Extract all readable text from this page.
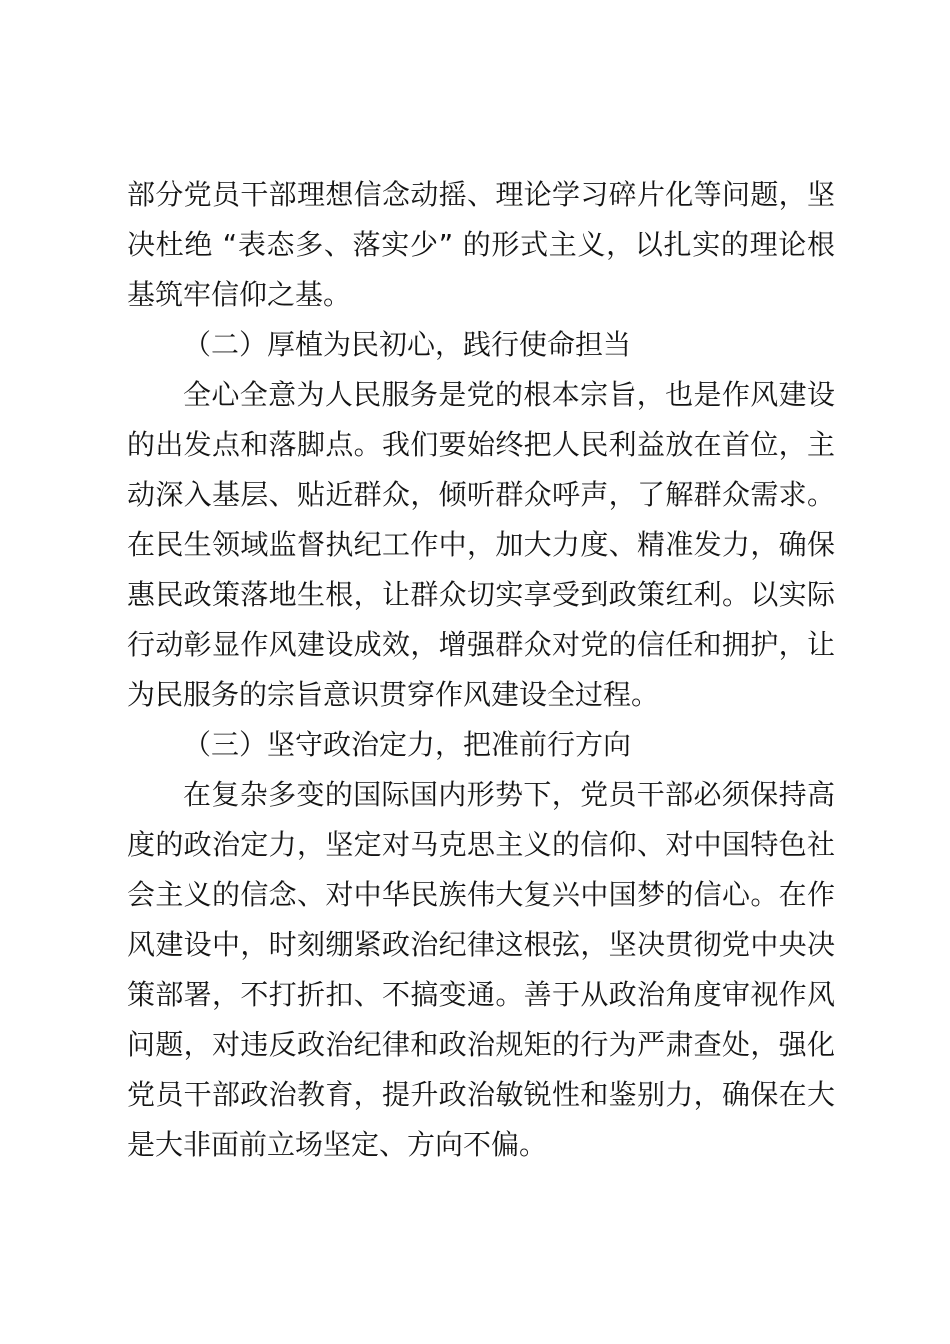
部分党员干部理想信念动摇、理论学习碎片化等问题，坚决杜绝 “表态多、落实少” 的形式主义，以扎实的理论根基筑牢信仰之基。

（二）厚植为民初心，践行使命担当

全心全意为人民服务是党的根本宗旨，也是作风建设的出发点和落脚点。我们要始终把人民利益放在首位，主动深入基层、贴近群众，倾听群众呼声，了解群众需求。在民生领域监督执纪工作中，加大力度、精准发力，确保惠民政策落地生根，让群众切实享受到政策红利。以实际行动彰显作风建设成效，增强群众对党的信任和拥护，让为民服务的宗旨意识贯穿作风建设全过程。

（三）坚守政治定力，把准前行方向

在复杂多变的国际国内形势下，党员干部必须保持高度的政治定力，坚定对马克思主义的信仰、对中国特色社会主义的信念、对中华民族伟大复兴中国梦的信心。在作风建设中，时刻绷紧政治纪律这根弦，坚决贯彻党中央决策部署，不打折扣、不搞变通。善于从政治角度审视作风问题，对违反政治纪律和政治规矩的行为严肃查处，强化党员干部政治教育，提升政治敏锐性和鉴别力，确保在大是大非面前立场坚定、方向不偏。
